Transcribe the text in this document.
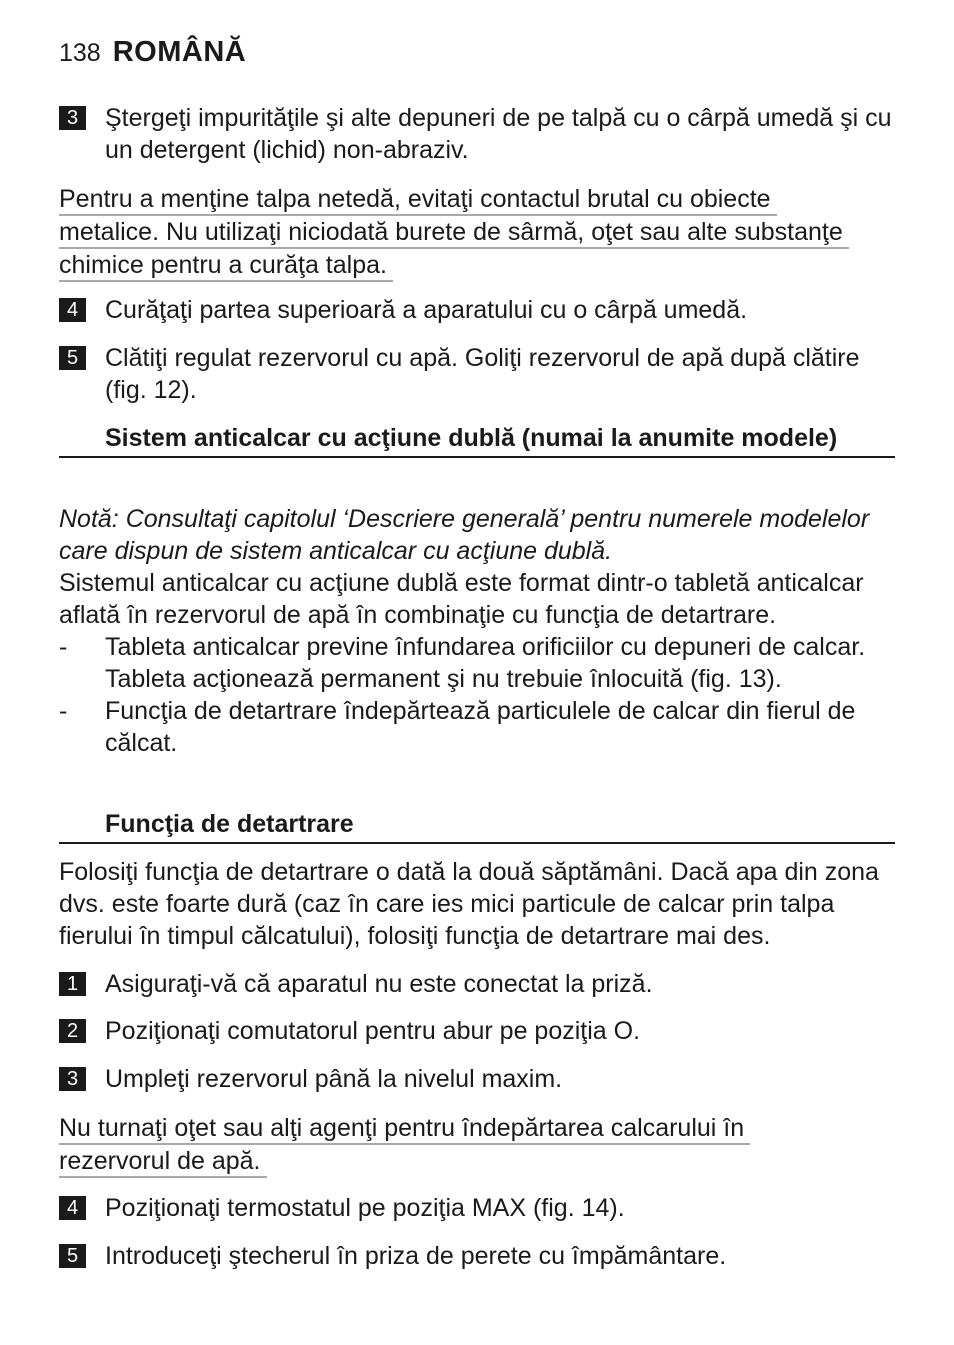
138 ROMÂNĂ
3	Ştergeţi impurităţile şi alte depuneri de pe talpă cu o cârpă umedă şi cu un detergent (lichid) non-abraziv.
Pentru a menţine talpa netedă, evitaţi contactul brutal cu obiecte
metalice. Nu utilizaţi niciodată burete de sârmă, oţet sau alte substanţe
chimice pentru a curăţa talpa.
4	Curăţaţi partea superioară a aparatului cu o cârpă umedă.
5	Clătiţi regulat rezervorul cu apă. Goliţi rezervorul de apă după clătire (fig. 12).
Sistem anticalcar cu acţiune dublă (numai la anumite modele)
Notă: Consultaţi capitolul ‘Descriere generală’ pentru numerele modelelor care dispun de sistem anticalcar cu acţiune dublă.
Sistemul anticalcar cu acţiune dublă este format dintr-o tabletă anticalcar aflată în rezervorul de apă în combinaţie cu funcţia de detartrare.
-	Tableta anticalcar previne înfundarea orificiilor cu depuneri de calcar. Tableta acţionează permanent şi nu trebuie înlocuită (fig. 13).
-	Funcţia de detartrare îndepărtează particulele de calcar din fierul de călcat.
Funcţia de detartrare
Folosiţi funcţia de detartrare o dată la două săptămâni. Dacă apa din zona dvs. este foarte dură (caz în care ies mici particule de calcar prin talpa fierului în timpul călcatului), folosiţi funcţia de detartrare mai des.
1	Asiguraţi-vă că aparatul nu este conectat la priză.
2	Poziţionaţi comutatorul pentru abur pe poziţia O.
3	Umpleţi rezervorul până la nivelul maxim.
Nu turnaţi oţet sau alţi agenţi pentru îndepărtarea calcarului în
rezervorul de apă.
4	Poziţionaţi termostatul pe poziţia MAX (fig. 14).
5	Introduceţi ştecherul în priza de perete cu împământare.
